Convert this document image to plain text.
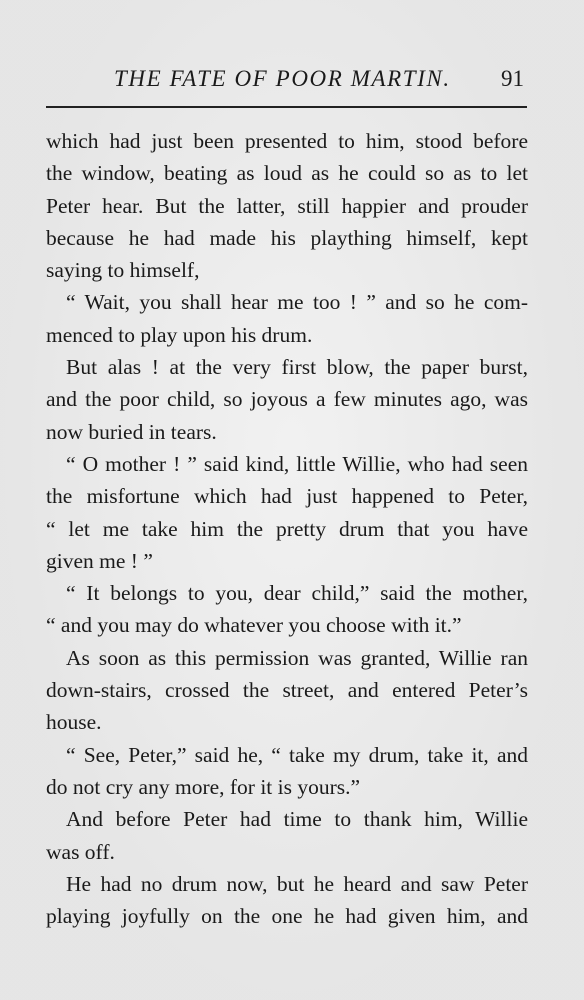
THE FATE OF POOR MARTIN. 91
which had just been presented to him, stood before
the window, beating as loud as he could so as to let
Peter hear. But the latter, still happier and prouder
because he had made his plaything himself, kept
saying to himself,
“ Wait, you shall hear me too ! ” and so he com-
menced to play upon his drum.
But alas ! at the very first blow, the paper burst,
and the poor child, so joyous a few minutes ago, was
now buried in tears.
“ O mother ! ” said kind, little Willie, who had seen
the misfortune which had just happened to Peter,
“ let me take him the pretty drum that you have
given me ! ”
“ It belongs to you, dear child,” said the mother,
“ and you may do whatever you choose with it.”
As soon as this permission was granted, Willie ran
down-stairs, crossed the street, and entered Peter’s
house.
“ See, Peter,” said he, “ take my drum, take it, and
do not cry any more, for it is yours.”
And before Peter had time to thank him, Willie
was off.
He had no drum now, but he heard and saw Peter
playing joyfully on the one he had given him, and
